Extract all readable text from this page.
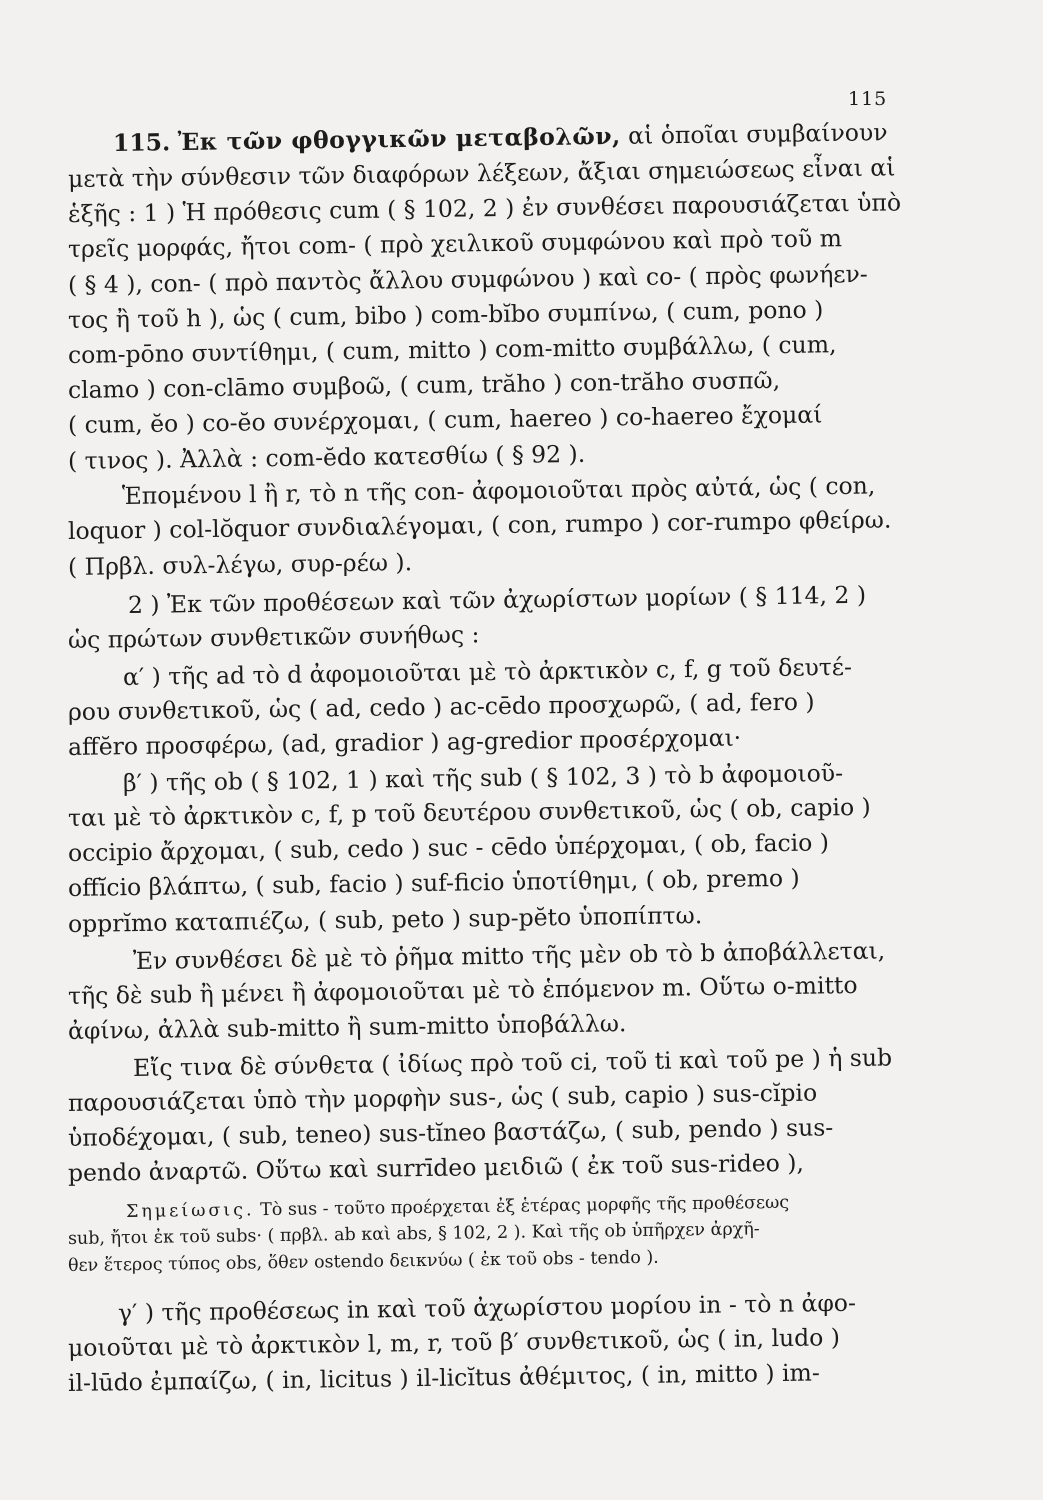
115
115. Ἐκ τῶν φθογγικῶν μεταβολῶν, αἱ ὁποῖαι συμβαίνουν
μετὰ τὴν σύνθεσιν τῶν διαφόρων λέξεων, ἄξιαι σημειώσεως εἶναι αἱ
ἑξῆς : 1 ) Ἡ πρόθεσις cum ( § 102, 2 ) ἐν συνθέσει παρουσιάζεται ὑπὸ
τρεῖς μορφάς, ἤτοι com- ( πρὸ χειλικοῦ συμφώνου καὶ πρὸ τοῦ m
( § 4 ), con- ( πρὸ παντὸς ἄλλου συμφώνου ) καὶ co- ( πρὸς φωνήεν-
τος ἢ τοῦ h ), ὡς ( cum, bibo ) com-bĭbo συμπίνω, ( cum, pono )
com-pōno συντίθημι, ( cum, mitto ) com-mitto συμβάλλω, ( cum,
clamo ) con-clāmo συμβοῶ, ( cum, trăho ) con-trăho συσπῶ,
( cum, ĕo ) co-ĕo συνέρχομαι, ( cum, haereo ) co-haereo ἔχομαί
( τινος ). Ἀλλὰ : com-ĕdo κατεσθίω ( § 92 ).
Ἑπομένου l ἢ r, τὸ n τῆς con- ἀφομοιοῦται πρὸς αὐτά, ὡς ( con,
loquor ) col-lŏquor συνδιαλέγομαι, ( con, rumpo ) cor-rumpo φθείρω.
( Πρβλ. συλ-λέγω, συρ-ρέω ).
2 ) Ἐκ τῶν προθέσεων καὶ τῶν ἀχωρίστων μορίων ( § 114, 2 )
ὡς πρώτων συνθετικῶν συνήθως :
α′ ) τῆς ad τὸ d ἀφομοιοῦται μὲ τὸ ἀρκτικὸν c, f, g τοῦ δευτέ-
ρου συνθετικοῦ, ὡς ( ad, cedo ) ac-cēdo προσχωρῶ, ( ad, fero )
affĕro προσφέρω, (ad, gradior ) ag-gredior προσέρχομαι·
β′ ) τῆς ob ( § 102, 1 ) καὶ τῆς sub ( § 102, 3 ) τὸ b ἀφομοιοῦ-
ται μὲ τὸ ἀρκτικὸν c, f, p τοῦ δευτέρου συνθετικοῦ, ὡς ( ob, capio )
occipio ἄρχομαι, ( sub, cedo ) suc - cēdo ὑπέρχομαι, ( ob, facio )
offĭcio βλάπτω, ( sub, facio ) suf-ficio ὑποτίθημι, ( ob, premo )
opprĭmo καταπιέζω, ( sub, peto ) sup-pĕto ὑποπίπτω.
Ἐν συνθέσει δὲ μὲ τὸ ῥῆμα mitto τῆς μὲν ob τὸ b ἀποβάλλεται,
τῆς δὲ sub ἢ μένει ἢ ἀφομοιοῦται μὲ τὸ ἑπόμενον m. Οὕτω o-mitto
ἀφίνω, ἀλλὰ sub-mitto ἢ sum-mitto ὑποβάλλω.
Εἴς τινα δὲ σύνθετα ( ἰδίως πρὸ τοῦ ci, τοῦ ti καὶ τοῦ pe ) ἡ sub
παρουσιάζεται ὑπὸ τὴν μορφὴν sus-, ὡς ( sub, capio ) sus-cĭpio
ὑποδέχομαι, ( sub, teneo) sus-tĭneo βαστάζω, ( sub, pendo ) sus-
pendo ἀναρτῶ. Οὕτω καὶ surrīdeo μειδιῶ ( ἐκ τοῦ sus-rideo ),
Σημείωσις. Τὸ sus - τοῦτο προέρχεται ἐξ ἑτέρας μορφῆς τῆς προθέσεως
sub, ἤτοι ἐκ τοῦ subs· ( πρβλ. ab καὶ abs, § 102, 2 ). Καὶ τῆς ob ὑπῆρχεν ἀρχῆ-
θεν ἕτερος τύπος obs, ὅθεν ostendo δεικνύω ( ἐκ τοῦ obs - tendo ).
γ′ ) τῆς προθέσεως in καὶ τοῦ ἀχωρίστου μορίου in - τὸ n ἀφο-
μοιοῦται μὲ τὸ ἀρκτικὸν l, m, r, τοῦ β′ συνθετικοῦ, ὡς ( in, ludo )
il-lūdo ἐμπαίζω, ( in, licitus ) il-licĭtus ἀθέμιτος, ( in, mitto ) im-
